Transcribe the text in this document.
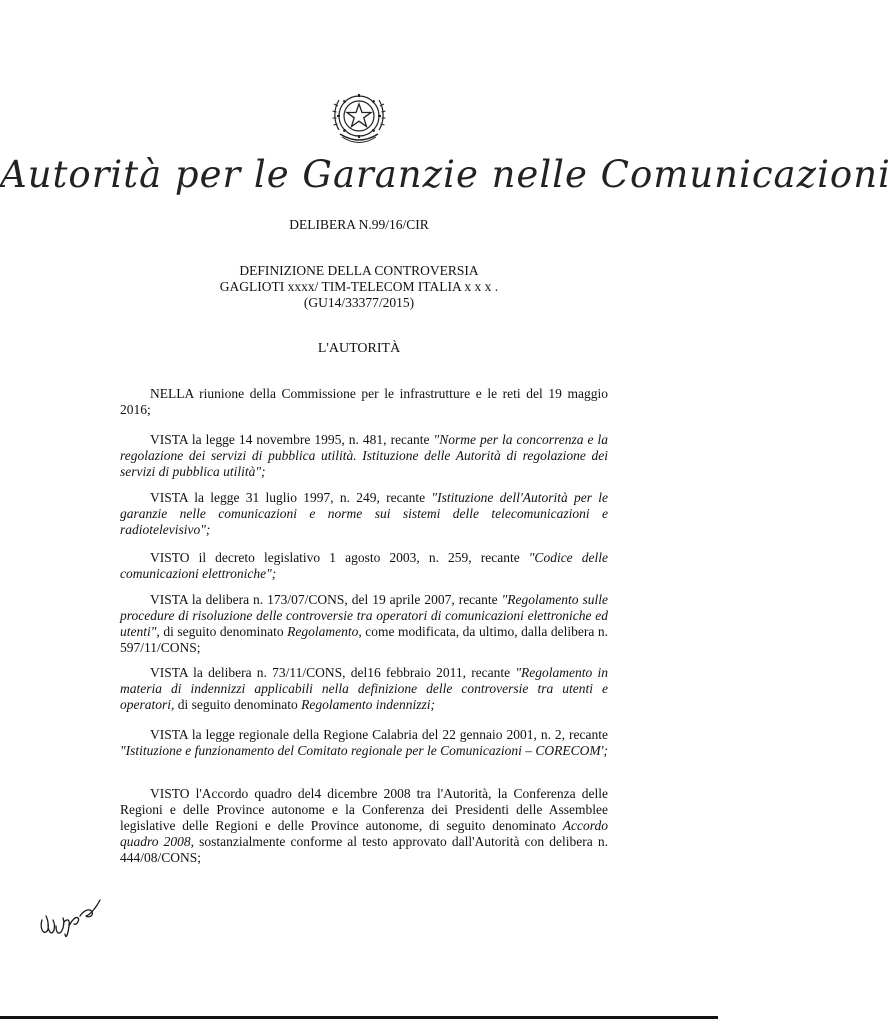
Autorità per le Garanzie nelle Comunicazioni
DELIBERA N.99/16/CIR
DEFINIZIONE DELLA CONTROVERSIA
GAGLIOTI xxxx/ TIM-TELECOM ITALIA x x x .
(GU14/33377/2015)
L'AUTORITÀ
NELLA riunione della Commissione per le infrastrutture e le reti del 19 maggio 2016;
VISTA la legge 14 novembre 1995, n. 481, recante "Norme per la concorrenza e la regolazione dei servizi di pubblica utilità. Istituzione delle Autorità di regolazione dei servizi di pubblica utilità";
VISTA la legge 31 luglio 1997, n. 249, recante "Istituzione dell'Autorità per le garanzie nelle comunicazioni e norme sui sistemi delle telecomunicazioni e radiotelevisivo";
VISTO il decreto legislativo 1 agosto 2003, n. 259, recante "Codice delle comunicazioni elettroniche";
VISTA la delibera n. 173/07/CONS, del 19 aprile 2007, recante "Regolamento sulle procedure di risoluzione delle controversie tra operatori di comunicazioni elettroniche ed utenti", di seguito denominato Regolamento, come modificata, da ultimo, dalla delibera n. 597/11/CONS;
VISTA la delibera n. 73/11/CONS, del16 febbraio 2011, recante "Regolamento in materia di indennizzi applicabili nella definizione delle controversie tra utenti e operatori, di seguito denominato Regolamento indennizzi;
VISTA la legge regionale della Regione Calabria del 22 gennaio 2001, n. 2, recante "Istituzione e funzionamento del Comitato regionale per le Comunicazioni – CORECOM';
VISTO l'Accordo quadro del4 dicembre 2008 tra l'Autorità, la Conferenza delle Regioni e delle Province autonome e la Conferenza dei Presidenti delle Assemblee legislative delle Regioni e delle Province autonome, di seguito denominato Accordo quadro 2008, sostanzialmente conforme al testo approvato dall'Autorità con delibera n. 444/08/CONS;
